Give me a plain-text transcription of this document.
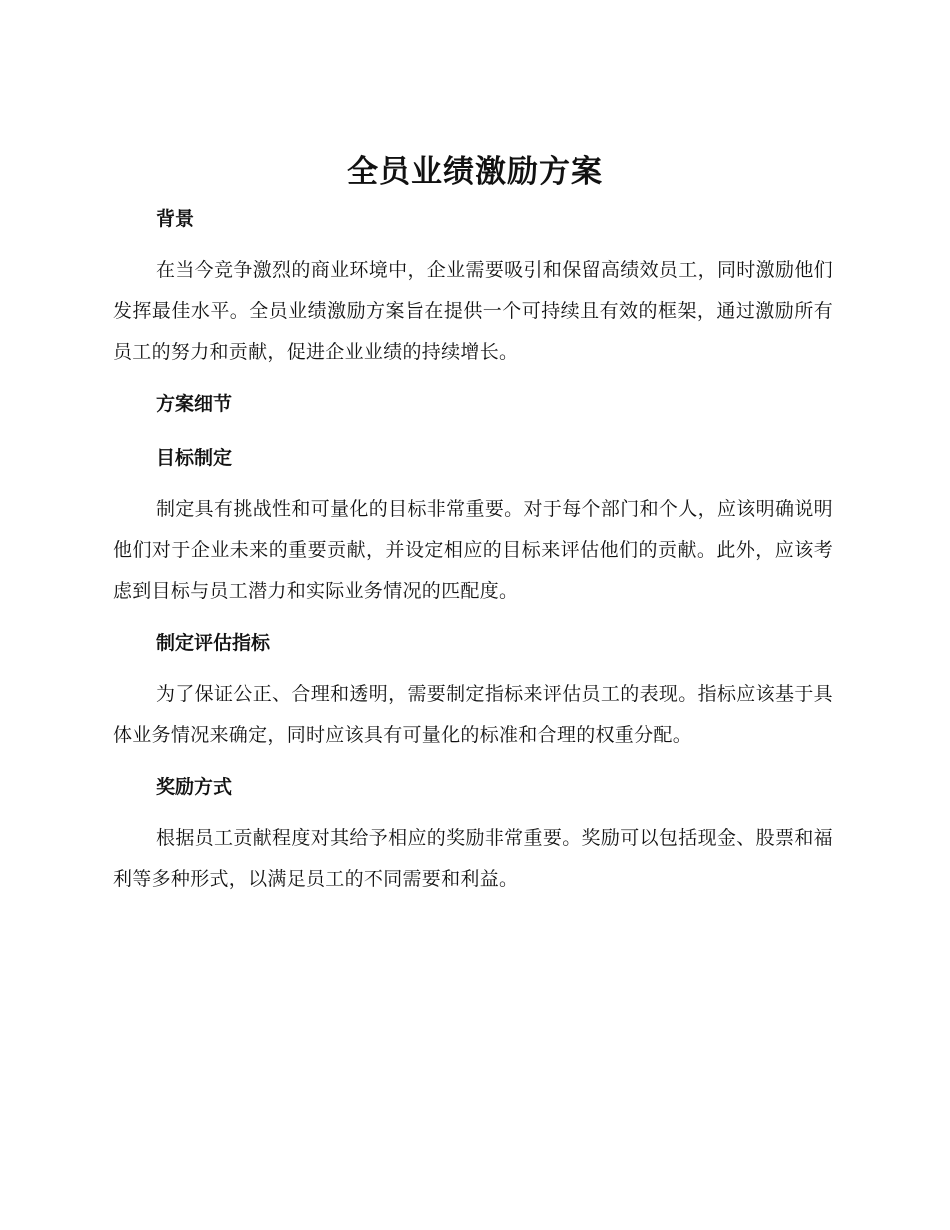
全员业绩激励方案

背景

在当今竞争激烈的商业环境中，企业需要吸引和保留高绩效员工，同时激励他们发挥最佳水平。全员业绩激励方案旨在提供一个可持续且有效的框架，通过激励所有员工的努力和贡献，促进企业业绩的持续增长。

方案细节

目标制定

制定具有挑战性和可量化的目标非常重要。对于每个部门和个人，应该明确说明他们对于企业未来的重要贡献，并设定相应的目标来评估他们的贡献。此外，应该考虑到目标与员工潜力和实际业务情况的匹配度。

制定评估指标

为了保证公正、合理和透明，需要制定指标来评估员工的表现。指标应该基于具体业务情况来确定，同时应该具有可量化的标准和合理的权重分配。

奖励方式

根据员工贡献程度对其给予相应的奖励非常重要。奖励可以包括现金、股票和福利等多种形式，以满足员工的不同需要和利益。
